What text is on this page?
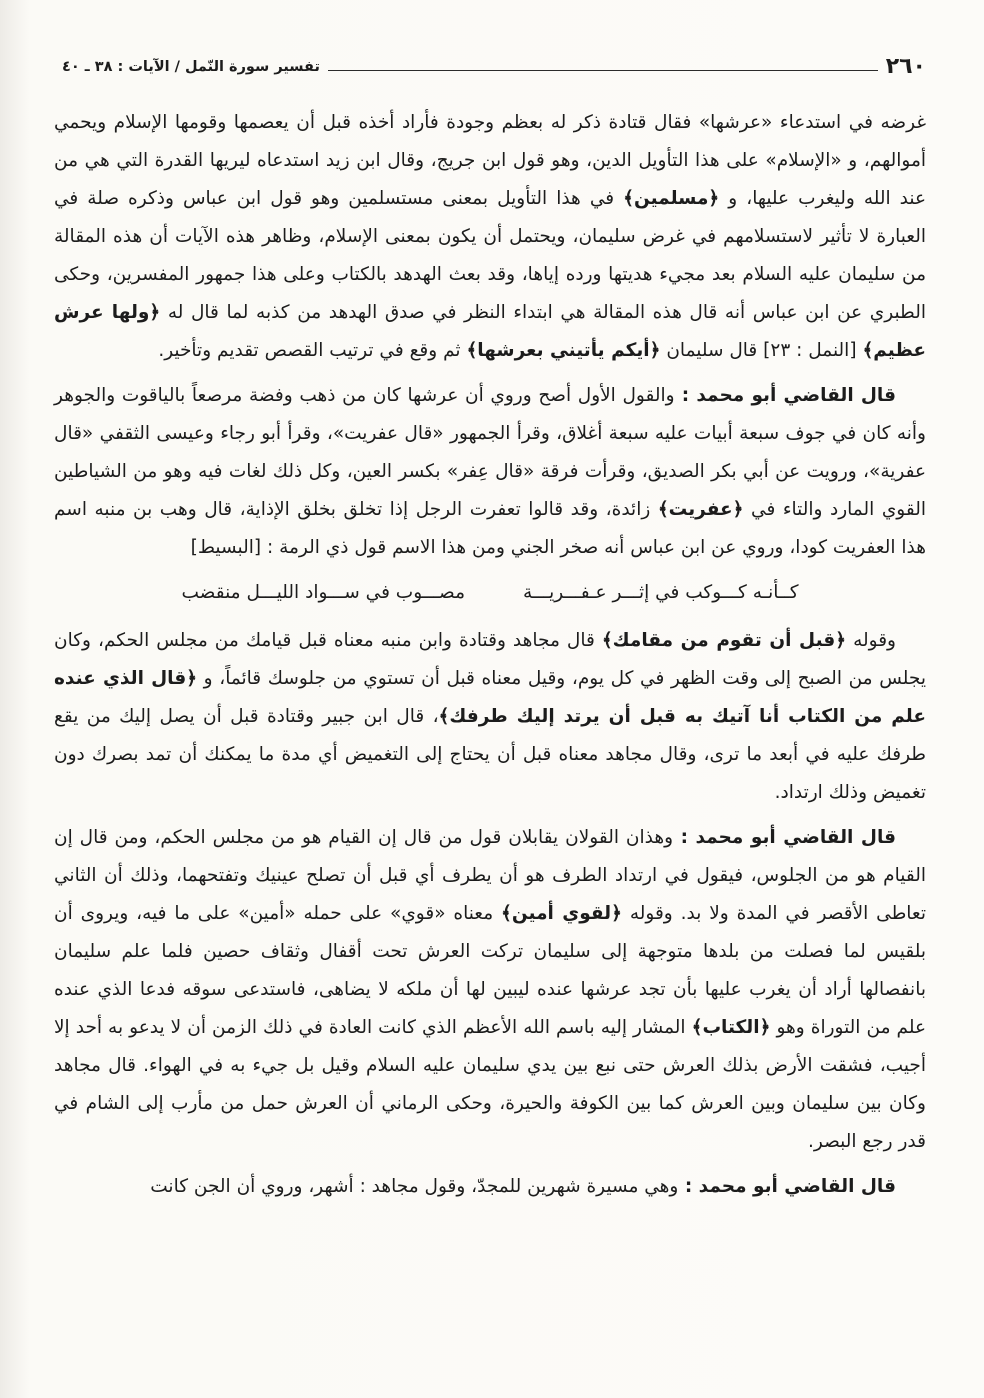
٢٦٠
تفسير سورة النّمل / الآيات : ٣٨ ـ ٤٠

غرضه في استدعاء «عرشها» فقال قتادة ذكر له بعظم وجودة فأراد أخذه قبل أن يعصمها وقومها الإسلام ويحمي أموالهم، و «الإسلام» على هذا التأويل الدين، وهو قول ابن جريج، وقال ابن زيد استدعاه ليريها القدرة التي هي من عند الله وليغرب عليها، و ﴿مسلمين﴾ في هذا التأويل بمعنى مستسلمين وهو قول ابن عباس وذكره صلة في العبارة لا تأثير لاستسلامهم في غرض سليمان، ويحتمل أن يكون بمعنى الإسلام، وظاهر هذه الآيات أن هذه المقالة من سليمان عليه السلام بعد مجيء هديتها ورده إياها، وقد بعث الهدهد بالكتاب وعلى هذا جمهور المفسرين، وحكى الطبري عن ابن عباس أنه قال هذه المقالة هي ابتداء النظر في صدق الهدهد من كذبه لما قال له ﴿ولها عرش عظيم﴾ [النمل : ٢٣] قال سليمان ﴿أيكم يأتيني بعرشها﴾ ثم وقع في ترتيب القصص تقديم وتأخير.

قال القاضي أبو محمد : والقول الأول أصح وروي أن عرشها كان من ذهب وفضة مرصعاً بالياقوت والجوهر وأنه كان في جوف سبعة أبيات عليه سبعة أغلاق، وقرأ الجمهور «قال عفريت»، وقرأ أبو رجاء وعيسى الثقفي «قال عفرية»، ورويت عن أبي بكر الصديق، وقرأت فرقة «قال عِفر» بكسر العين، وكل ذلك لغات فيه وهو من الشياطين القوي المارد والتاء في ﴿عفريت﴾ زائدة، وقد قالوا تعفرت الرجل إذا تخلق بخلق الإذاية، قال وهب بن منبه اسم هذا العفريت كودا، وروي عن ابن عباس أنه صخر الجني ومن هذا الاسم قول ذي الرمة : [البسيط]

كــأنـه كـــوكب في إثـــر عـفـــريـــة
مصـــوب في ســـواد الليـــل منقضب

وقوله ﴿قبل أن تقوم من مقامك﴾ قال مجاهد وقتادة وابن منبه معناه قبل قيامك من مجلس الحكم، وكان يجلس من الصبح إلى وقت الظهر في كل يوم، وقيل معناه قبل أن تستوي من جلوسك قائماً، و ﴿قال الذي عنده علم من الكتاب أنا آتيك به قبل أن يرتد إليك طرفك﴾، قال ابن جبير وقتادة قبل أن يصل إليك من يقع طرفك عليه في أبعد ما ترى، وقال مجاهد معناه قبل أن يحتاج إلى التغميض أي مدة ما يمكنك أن تمد بصرك دون تغميض وذلك ارتداد.

قال القاضي أبو محمد : وهذان القولان يقابلان قول من قال إن القيام هو من مجلس الحكم، ومن قال إن القيام هو من الجلوس، فيقول في ارتداد الطرف هو أن يطرف أي قبل أن تصلح عينيك وتفتحهما، وذلك أن الثاني تعاطى الأقصر في المدة ولا بد. وقوله ﴿لقوي أمين﴾ معناه «قوي» على حمله «أمين» على ما فيه، ويروى أن بلقيس لما فصلت من بلدها متوجهة إلى سليمان تركت العرش تحت أقفال وثقاف حصين فلما علم سليمان بانفصالها أراد أن يغرب عليها بأن تجد عرشها عنده ليبين لها أن ملكه لا يضاهى، فاستدعى سوقه فدعا الذي عنده علم من التوراة وهو ﴿الكتاب﴾ المشار إليه باسم الله الأعظم الذي كانت العادة في ذلك الزمن أن لا يدعو به أحد إلا أجيب، فشقت الأرض بذلك العرش حتى نبع بين يدي سليمان عليه السلام وقيل بل جيء به في الهواء. قال مجاهد وكان بين سليمان وبين العرش كما بين الكوفة والحيرة، وحكى الرماني أن العرش حمل من مأرب إلى الشام في قدر رجع البصر.

قال القاضي أبو محمد : وهي مسيرة شهرين للمجدّ، وقول مجاهد : أشهر، وروي أن الجن كانت
